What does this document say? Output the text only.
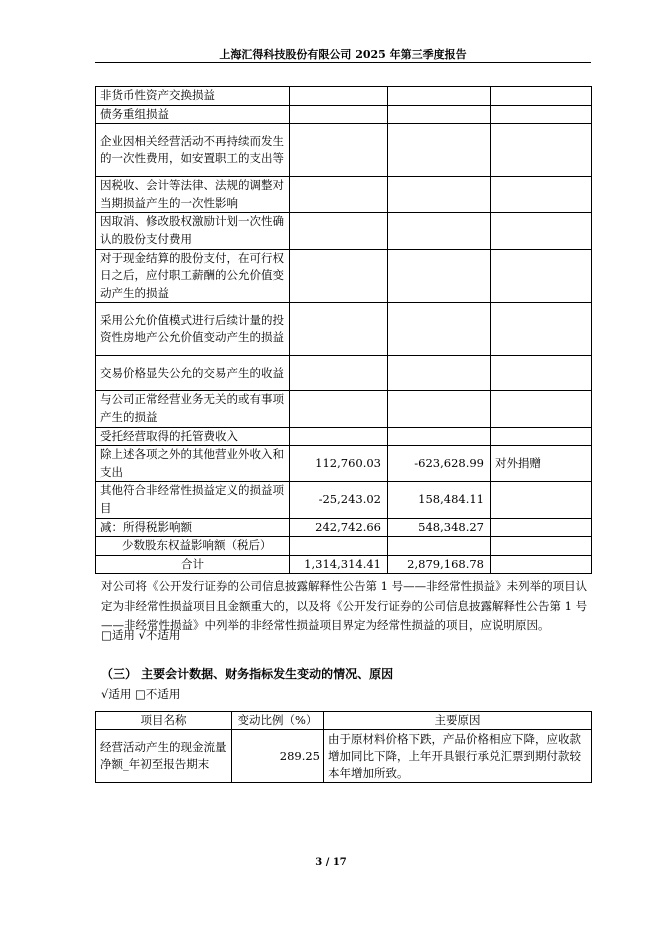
上海汇得科技股份有限公司 2025 年第三季度报告
非货币性资产交换损益			
债务重组损益			
企业因相关经营活动不再持续而发生的一次性费用，如安置职工的支出等			
因税收、会计等法律、法规的调整对当期损益产生的一次性影响			
因取消、修改股权激励计划一次性确认的股份支付费用			
对于现金结算的股份支付，在可行权日之后，应付职工薪酬的公允价值变动产生的损益			
采用公允价值模式进行后续计量的投资性房地产公允价值变动产生的损益			
交易价格显失公允的交易产生的收益			
与公司正常经营业务无关的或有事项产生的损益			
受托经营取得的托管费收入			
除上述各项之外的其他营业外收入和支出	112,760.03	-623,628.99	对外捐赠
其他符合非经常性损益定义的损益项目	-25,243.02	158,484.11	
减：所得税影响额	242,742.66	548,348.27	
少数股东权益影响额（税后）			
合计	1,314,314.41	2,879,168.78	
对公司将《公开发行证券的公司信息披露解释性公告第 1 号——非经常性损益》未列举的项目认定为非经常性损益项目且金额重大的，以及将《公开发行证券的公司信息披露解释性公告第 1 号——非经常性损益》中列举的非经常性损益项目界定为经常性损益的项目，应说明原因。
□适用 √不适用
（三） 主要会计数据、财务指标发生变动的情况、原因
√适用 □不适用
项目名称	变动比例（%）	主要原因
经营活动产生的现金流量净额_年初至报告期末	289.25	由于原材料价格下跌，产品价格相应下降，应收款增加同比下降，上年开具银行承兑汇票到期付款较本年增加所致。
3 / 17
